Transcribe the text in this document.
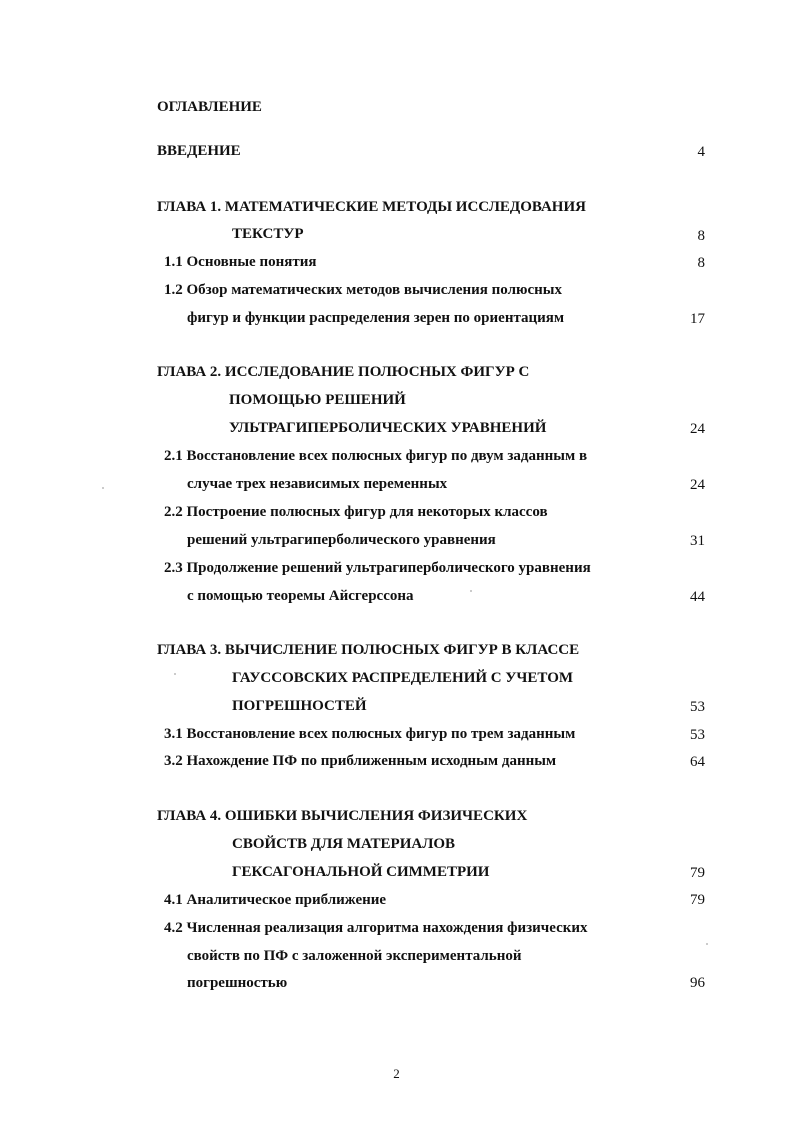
ОГЛАВЛЕНИЕ
ВВЕДЕНИЕ	4
ГЛАВА 1. МАТЕМАТИЧЕСКИЕ МЕТОДЫ ИССЛЕДОВАНИЯ
ТЕКСТУР	8
1.1 Основные понятия	8
1.2 Обзор математических методов вычисления полюсных
фигур и функции распределения зерен по ориентациям	17
ГЛАВА 2. ИССЛЕДОВАНИЕ ПОЛЮСНЫХ ФИГУР С
ПОМОЩЬЮ РЕШЕНИЙ
УЛЬТРАГИПЕРБОЛИЧЕСКИХ УРАВНЕНИЙ	24
2.1 Восстановление всех полюсных фигур по двум заданным в
случае трех независимых переменных	24
2.2 Построение полюсных фигур для некоторых классов
решений ультрагиперболического уравнения	31
2.3 Продолжение решений ультрагиперболического уравнения
с помощью теоремы Айсгерссона	44
ГЛАВА 3. ВЫЧИСЛЕНИЕ ПОЛЮСНЫХ ФИГУР В КЛАССЕ
ГАУССОВСКИХ РАСПРЕДЕЛЕНИЙ С УЧЕТОМ
ПОГРЕШНОСТЕЙ	53
3.1 Восстановление всех полюсных фигур по трем заданным	53
3.2 Нахождение ПФ по приближенным исходным данным	64
ГЛАВА 4. ОШИБКИ ВЫЧИСЛЕНИЯ ФИЗИЧЕСКИХ
СВОЙСТВ ДЛЯ МАТЕРИАЛОВ
ГЕКСАГОНАЛЬНОЙ СИММЕТРИИ	79
4.1 Аналитическое приближение	79
4.2 Численная реализация алгоритма нахождения физических
свойств по ПФ с заложенной экспериментальной
погрешностью	96
2
